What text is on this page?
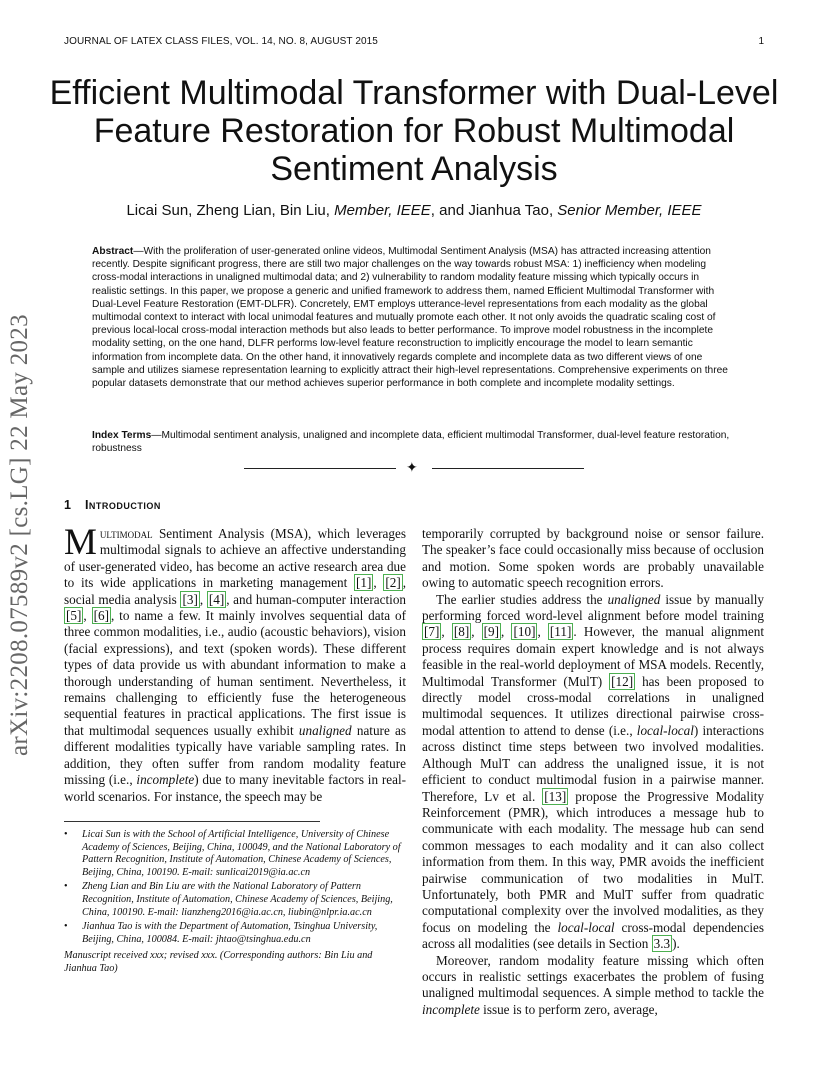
JOURNAL OF LATEX CLASS FILES, VOL. 14, NO. 8, AUGUST 2015	1
Efficient Multimodal Transformer with Dual-Level Feature Restoration for Robust Multimodal Sentiment Analysis
Licai Sun, Zheng Lian, Bin Liu, Member, IEEE, and Jianhua Tao, Senior Member, IEEE
Abstract—With the proliferation of user-generated online videos, Multimodal Sentiment Analysis (MSA) has attracted increasing attention recently. Despite significant progress, there are still two major challenges on the way towards robust MSA: 1) inefficiency when modeling cross-modal interactions in unaligned multimodal data; and 2) vulnerability to random modality feature missing which typically occurs in realistic settings. In this paper, we propose a generic and unified framework to address them, named Efficient Multimodal Transformer with Dual-Level Feature Restoration (EMT-DLFR). Concretely, EMT employs utterance-level representations from each modality as the global multimodal context to interact with local unimodal features and mutually promote each other. It not only avoids the quadratic scaling cost of previous local-local cross-modal interaction methods but also leads to better performance. To improve model robustness in the incomplete modality setting, on the one hand, DLFR performs low-level feature reconstruction to implicitly encourage the model to learn semantic information from incomplete data. On the other hand, it innovatively regards complete and incomplete data as two different views of one sample and utilizes siamese representation learning to explicitly attract their high-level representations. Comprehensive experiments on three popular datasets demonstrate that our method achieves superior performance in both complete and incomplete modality settings.
Index Terms—Multimodal sentiment analysis, unaligned and incomplete data, efficient multimodal Transformer, dual-level feature restoration, robustness
✦
arXiv:2208.07589v2 [cs.LG] 22 May 2023 1 Introduction

Multimodal Sentiment Analysis (MSA), which leverages multimodal signals to achieve an affective understanding of user-generated video, has become an active research area due to its wide applications in marketing management [1] , [2] , social media analysis [3] , [4] , and human-computer interaction [5] , [6] , to name a few. It mainly involves sequential data of three common modalities, i.e., audio (acoustic behaviors), vision (facial expressions), and text (spoken words). These different types of data provide us with abundant information to make a thorough understanding of human sentiment. Nevertheless, it remains challenging to efficiently fuse the heterogeneous sequential features in practical applications. The first issue is that multimodal sequences usually exhibit unaligned nature as different modalities typically have variable sampling rates. In addition, they often suffer from random modality feature missing (i.e., incomplete) due to many inevitable factors in real-world scenarios. For instance, the speech may be

• Licai Sun is with the School of Artificial Intelligence, University of Chinese Academy of Sciences, Beijing, China, 100049, and the National Laboratory of Pattern Recognition, Institute of Automation, Chinese Academy of Sciences, Beijing, China, 100190. E-mail: sunlicai2019@ia.ac.cn
• Zheng Lian and Bin Liu are with the National Laboratory of Pattern Recognition, Institute of Automation, Chinese Academy of Sciences, Beijing, China, 100190. E-mail: lianzheng2016@ia.ac.cn, liubin@nlpr.ia.ac.cn
• Jianhua Tao is with the Department of Automation, Tsinghua University, Beijing, China, 100084. E-mail: jhtao@tsinghua.edu.cn
Manuscript received xxx; revised xxx. (Corresponding authors: Bin Liu and Jianhua Tao)

temporarily corrupted by background noise or sensor failure. The speaker’s face could occasionally miss because of occlusion and motion. Some spoken words are probably unavailable owing to automatic speech recognition errors.

The earlier studies address the unaligned issue by manually performing forced word-level alignment before model training [7] , [8] , [9] , [10] , [11] . However, the manual alignment process requires domain expert knowledge and is not always feasible in the real-world deployment of MSA models. Recently, Multimodal Transformer (MulT) [12] has been proposed to directly model cross-modal correlations in unaligned multimodal sequences. It utilizes directional pairwise cross-modal attention to attend to dense (i.e., local-local) interactions across distinct time steps between two involved modalities. Although MulT can address the unaligned issue, it is not efficient to conduct multimodal fusion in a pairwise manner. Therefore, Lv et al. [13] propose the Progressive Modality Reinforcement (PMR), which introduces a message hub to communicate with each modality. The message hub can send common messages to each modality and it can also collect information from them. In this way, PMR avoids the inefficient pairwise communication of two modalities in MulT. Unfortunately, both PMR and MulT suffer from quadratic computational complexity over the involved modalities, as they focus on modeling the local-local cross-modal dependencies across all modalities (see details in Section 3.3 ).

Moreover, random modality feature missing which often occurs in realistic settings exacerbates the problem of fusing unaligned multimodal sequences. A simple method to tackle the incomplete issue is to perform zero, average,
